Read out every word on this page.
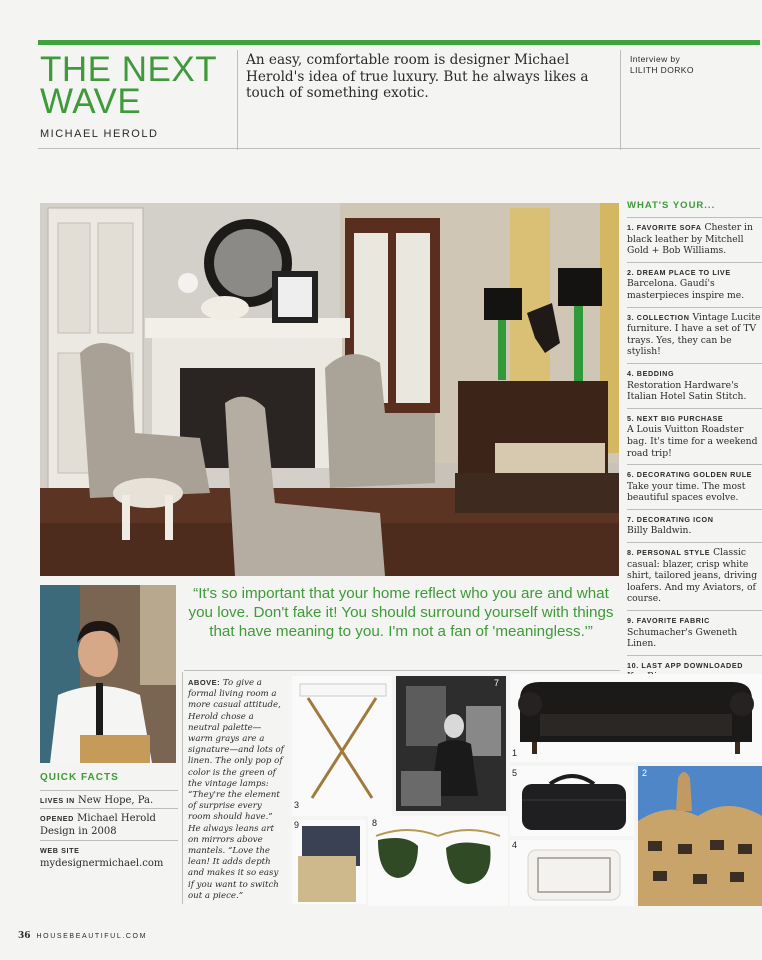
THE NEXT
WAVE
MICHAEL HEROLD
An easy, comfortable room is designer Michael Herold's idea of true luxury. But he always likes a touch of something exotic.
Interview by
LILITH DORKO
WHAT'S YOUR...
1. FAVORITE SOFA Chester in black leather by Mitchell Gold + Bob Williams.
2. DREAM PLACE TO LIVE
Barcelona. Gaudí's masterpieces inspire me.
3. COLLECTION Vintage Lucite furniture. I have a set of TV trays. Yes, they can be stylish!
4. BEDDING
Restoration Hardware's Italian Hotel Satin Stitch.
5. NEXT BIG PURCHASE
A Louis Vuitton Roadster bag. It's time for a weekend road trip!
6. DECORATING GOLDEN RULE
Take your time. The most beautiful spaces evolve.
7. DECORATING ICON
Billy Baldwin.
8. PERSONAL STYLE Classic casual: blazer, crisp white shirt, tailored jeans, driving loafers. And my Aviators, of course.
9. FAVORITE FABRIC
Schumacher's Gweneth Linen.
10. LAST APP DOWNLOADED
“It's so important that your home reflect who you are and what you love. Don't fake it! You should surround yourself with things that have meaning to you. I'm not a fan of 'meaningless.'”
QUICK FACTS
LIVES IN New Hope, Pa.
OPENED Michael Herold Design in 2008
WEB SITE
mydesignermichael.com
ABOVE: To give a formal living room a more casual attitude, Herold chose a neutral palette—warm grays are a signature—and lots of linen. The only pop of color is the green of the vintage lamps: “They're the element of surprise every room should have.” He always leans art on mirrors above mantels. “Love the lean! It adds depth and makes it so easy if you want to switch out a piece.”
3
7
1
5	2
9	8
4
36 HOUSEBEAUTIFUL.COM
